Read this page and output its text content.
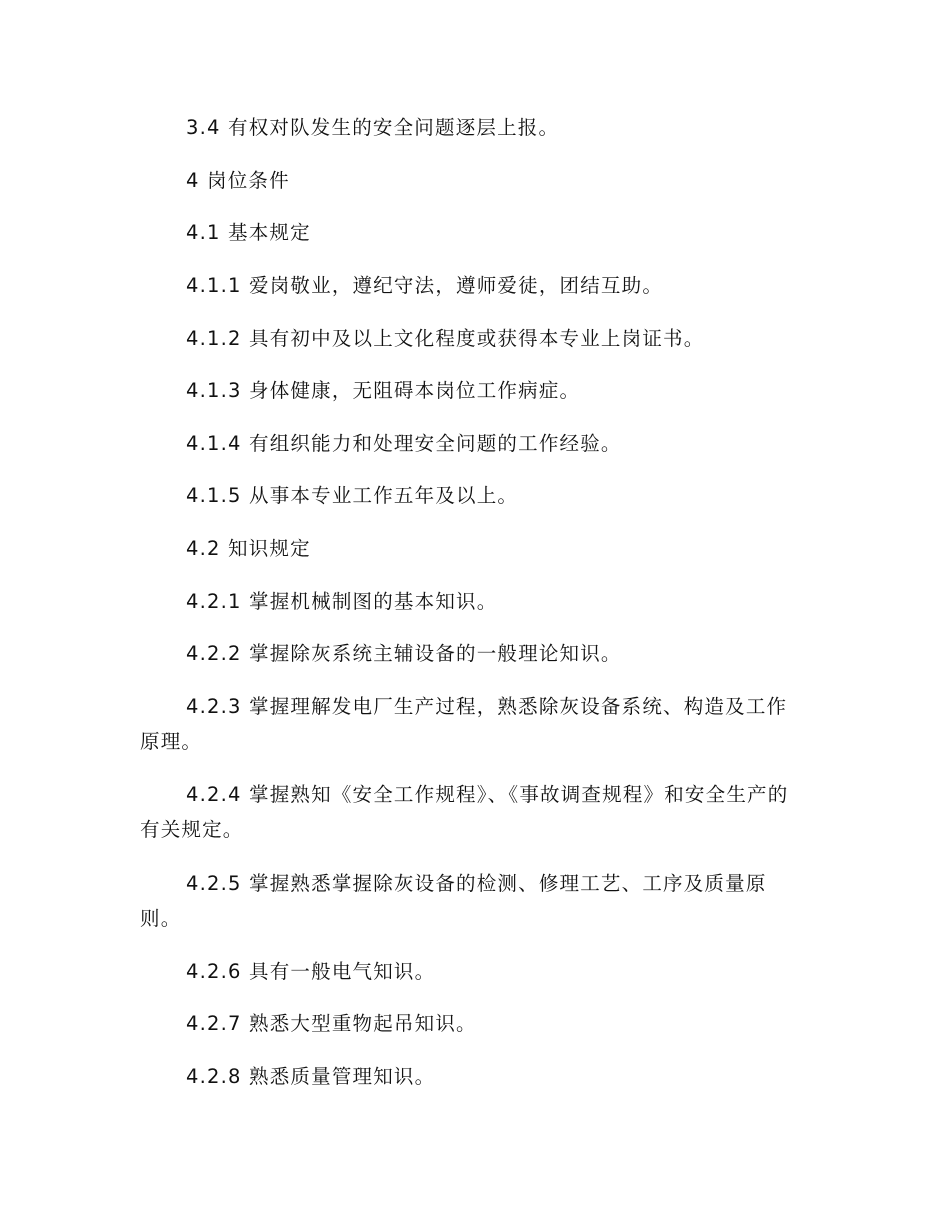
3.4 有权对队发生的安全问题逐层上报。

4 岗位条件

4.1 基本规定

4.1.1 爱岗敬业，遵纪守法，遵师爱徒，团结互助。

4.1.2 具有初中及以上文化程度或获得本专业上岗证书。

4.1.3 身体健康，无阻碍本岗位工作病症。

4.1.4 有组织能力和处理安全问题的工作经验。

4.1.5 从事本专业工作五年及以上。

4.2 知识规定

4.2.1 掌握机械制图的基本知识。

4.2.2 掌握除灰系统主辅设备的一般理论知识。

4.2.3 掌握理解发电厂生产过程，熟悉除灰设备系统、构造及工作原理。

4.2.4 掌握熟知《安全工作规程》、《事故调查规程》和安全生产的有关规定。

4.2.5 掌握熟悉掌握除灰设备的检测、修理工艺、工序及质量原则。

4.2.6 具有一般电气知识。

4.2.7 熟悉大型重物起吊知识。

4.2.8 熟悉质量管理知识。
